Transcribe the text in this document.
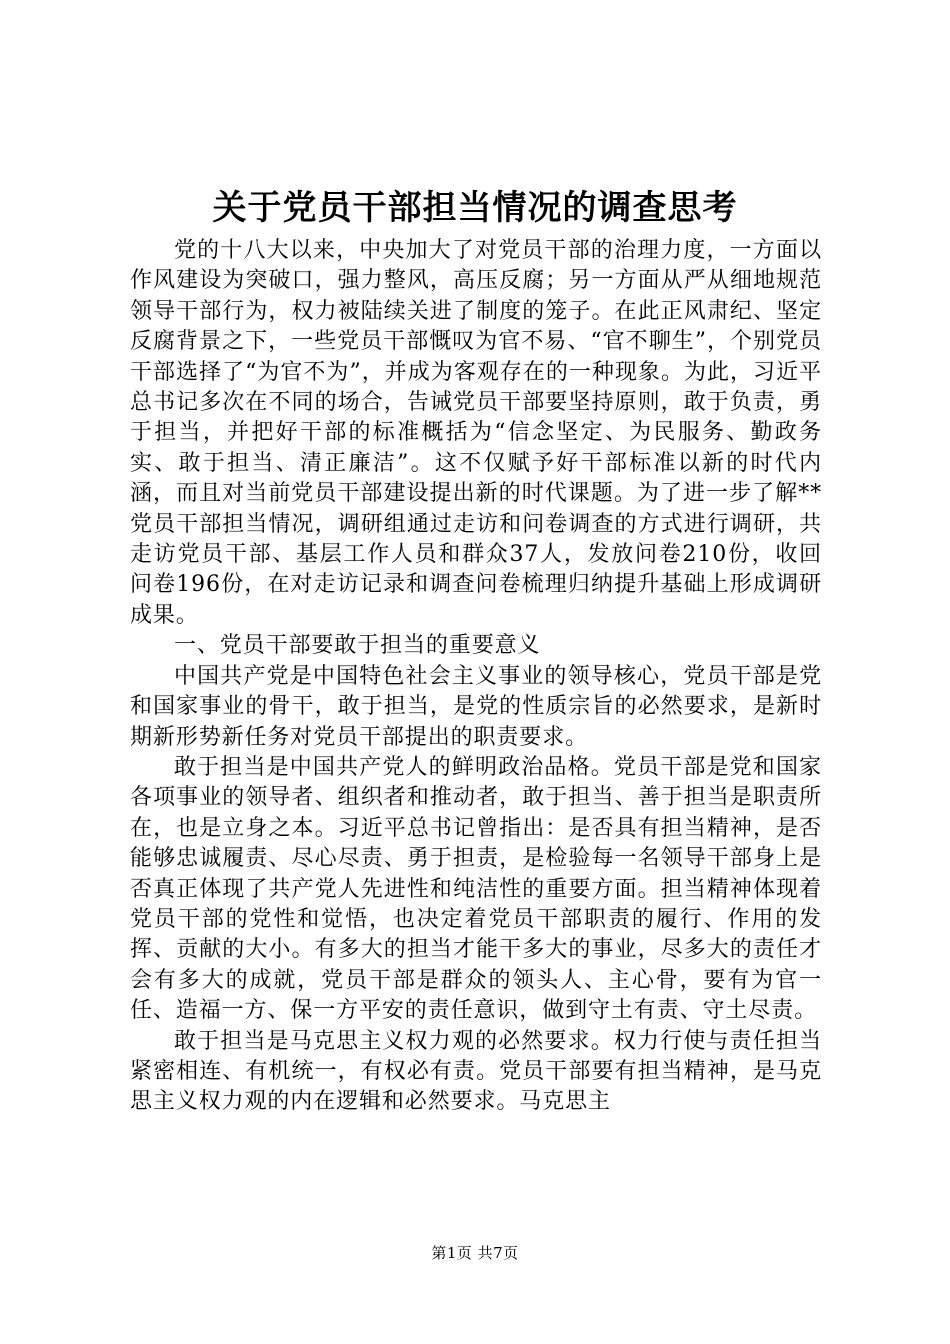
关于党员干部担当情况的调查思考

党的十八大以来，中央加大了对党员干部的治理力度，一方面以作风建设为突破口，强力整风，高压反腐；另一方面从严从细地规范领导干部行为，权力被陆续关进了制度的笼子。在此正风肃纪、坚定反腐背景之下，一些党员干部慨叹为官不易、“官不聊生”，个别党员干部选择了“为官不为”，并成为客观存在的一种现象。为此，习近平总书记多次在不同的场合，告诫党员干部要坚持原则，敢于负责，勇于担当，并把好干部的标准概括为“信念坚定、为民服务、勤政务实、敢于担当、清正廉洁”。这不仅赋予好干部标准以新的时代内涵，而且对当前党员干部建设提出新的时代课题。为了进一步了解**党员干部担当情况，调研组通过走访和问卷调查的方式进行调研，共走访党员干部、基层工作人员和群众37人，发放问卷210份，收回问卷196份，在对走访记录和调查问卷梳理归纳提升基础上形成调研成果。

一、党员干部要敢于担当的重要意义

中国共产党是中国特色社会主义事业的领导核心，党员干部是党和国家事业的骨干，敢于担当，是党的性质宗旨的必然要求，是新时期新形势新任务对党员干部提出的职责要求。

敢于担当是中国共产党人的鲜明政治品格。党员干部是党和国家各项事业的领导者、组织者和推动者，敢于担当、善于担当是职责所在，也是立身之本。习近平总书记曾指出：是否具有担当精神，是否能够忠诚履责、尽心尽责、勇于担责，是检验每一名领导干部身上是否真正体现了共产党人先进性和纯洁性的重要方面。担当精神体现着党员干部的党性和觉悟，也决定着党员干部职责的履行、作用的发挥、贡献的大小。有多大的担当才能干多大的事业，尽多大的责任才会有多大的成就，党员干部是群众的领头人、主心骨，要有为官一任、造福一方、保一方平安的责任意识，做到守土有责、守土尽责。

敢于担当是马克思主义权力观的必然要求。权力行使与责任担当紧密相连、有机统一，有权必有责。党员干部要有担当精神，是马克思主义权力观的内在逻辑和必然要求。马克思主

第1页 共7页
